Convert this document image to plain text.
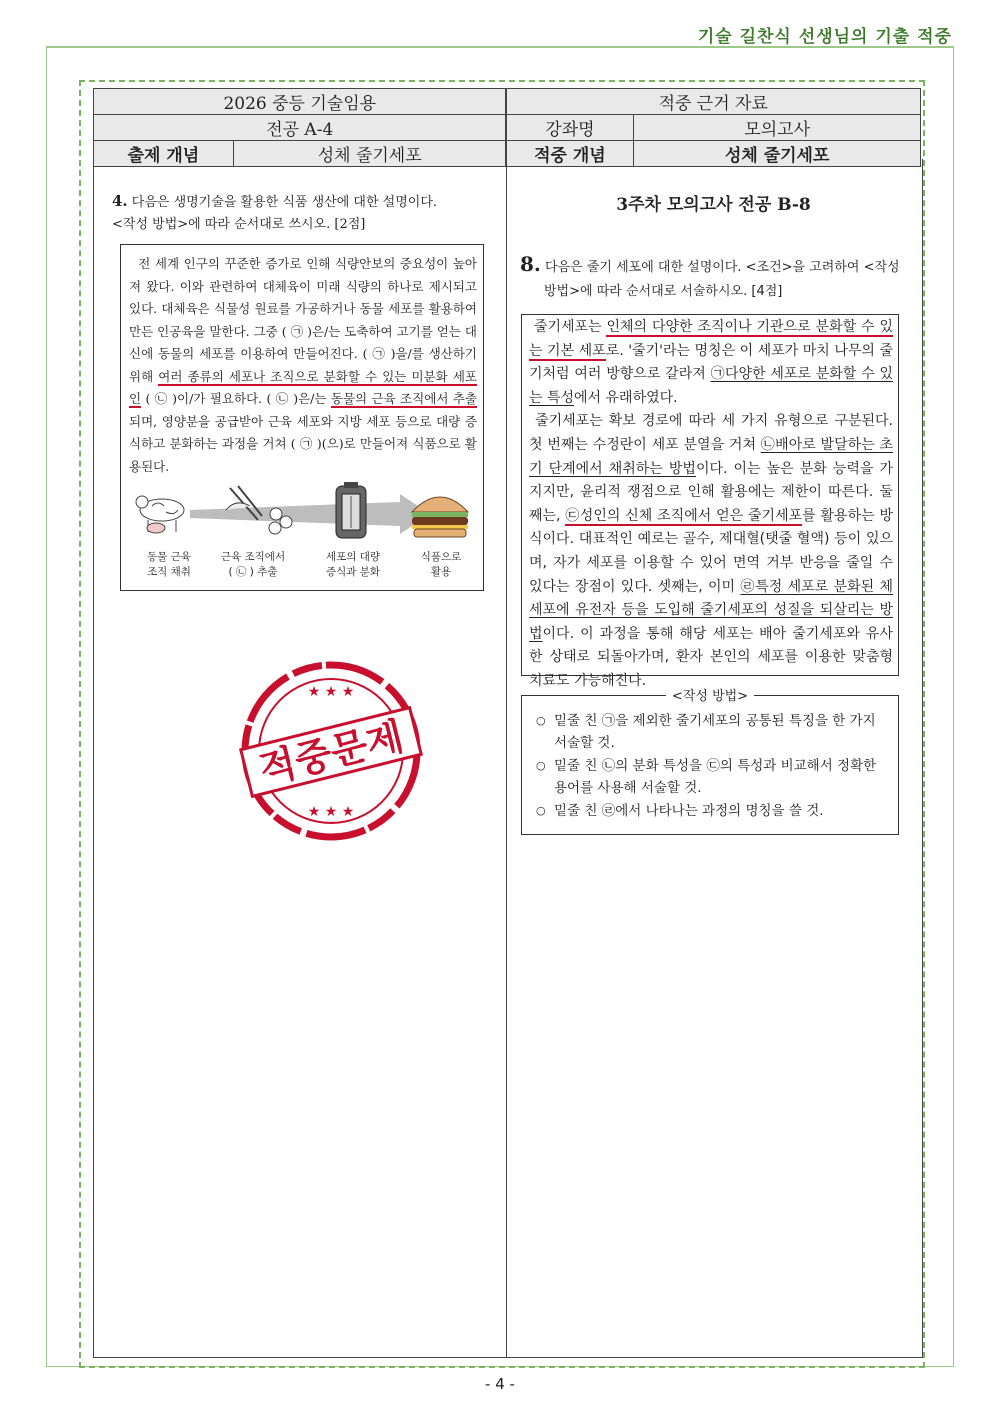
기술 길찬식 선생님의 기출 적중
2026 중등 기술임용		적중 근거 자료	
전공 A-4		강좌명	모의고사
출제 개념	성체 줄기세포	적중 개념	성체 줄기세포
4. 다음은 생명기술을 활용한 식품 생산에 대한 설명이다.
<작성 방법>에 따라 순서대로 쓰시오. [2점]

전 세계 인구의 꾸준한 증가로 인해 식량안보의 중요성이 높아져 왔다. 이와 관련하여 대체육이 미래 식량의 하나로 제시되고 있다. 대체육은 식물성 원료를 가공하거나 동물 세포를 활용하여 만든 인공육을 말한다. 그중 ( ㉠ )은/는 도축하여 고기를 얻는 대신에 동물의 세포를 이용하여 만들어진다. ( ㉠ )을/를 생산하기 위해 여러 종류의 세포나 조직으로 분화할 수 있는 미분화 세포인 ( ㉡ )이/가 필요하다. ( ㉡ )은/는 동물의 근육 조직에서 추출되며, 영양분을 공급받아 근육 세포와 지방 세포 등으로 대량 증식하고 분화하는 과정을 거쳐 ( ㉠ )(으)로 만들어져 식품으로 활용된다.

동물 근육
조직 채취
근육 조직에서
( ㉡ ) 추출
세포의 대량
증식과 분화
식품으로
활용
★ ★ ★
★ ★ ★
적중문제
3주차 모의고사 전공 B-8
8. 다음은 줄기 세포에 대한 설명이다. <조건>을 고려하여 <작성
방법>에 따라 순서대로 서술하시오. [4점]

줄기세포는 인체의 다양한 조직이나 기관으로 분화할 수 있는 기본 세포로. '줄기'라는 명칭은 이 세포가 마치 나무의 줄기처럼 여러 방향으로 갈라져 ㉠다양한 세포로 분화할 수 있는 특성에서 유래하였다.
줄기세포는 확보 경로에 따라 세 가지 유형으로 구분된다. 첫 번째는 수정란이 세포 분열을 거쳐 ㉡배아로 발달하는 초기 단계에서 채취하는 방법이다. 이는 높은 분화 능력을 가지지만, 윤리적 쟁점으로 인해 활용에는 제한이 따른다. 둘째는, ㉢성인의 신체 조직에서 얻은 줄기세포를 활용하는 방식이다. 대표적인 예로는 골수, 제대혈(탯줄 혈액) 등이 있으며, 자가 세포를 이용할 수 있어 면역 거부 반응을 줄일 수 있다는 장점이 있다. 셋째는, 이미 ㉣특정 세포로 분화된 체세포에 유전자 등을 도입해 줄기세포의 성질을 되살리는 방법이다. 이 과정을 통해 해당 세포는 배아 줄기세포와 유사한 상태로 되돌아가며, 환자 본인의 세포를 이용한 맞춤형 치료도 가능해진다.

<작성 방법>
○ 밑줄 친 ㉠을 제외한 줄기세포의 공통된 특징을 한 가지 서술할 것.
○ 밑줄 친 ㉡의 분화 특성을 ㉢의 특성과 비교해서 정확한 용어를 사용해 서술할 것.
○ 밑줄 친 ㉣에서 나타나는 과정의 명칭을 쓸 것.
- 4 -
